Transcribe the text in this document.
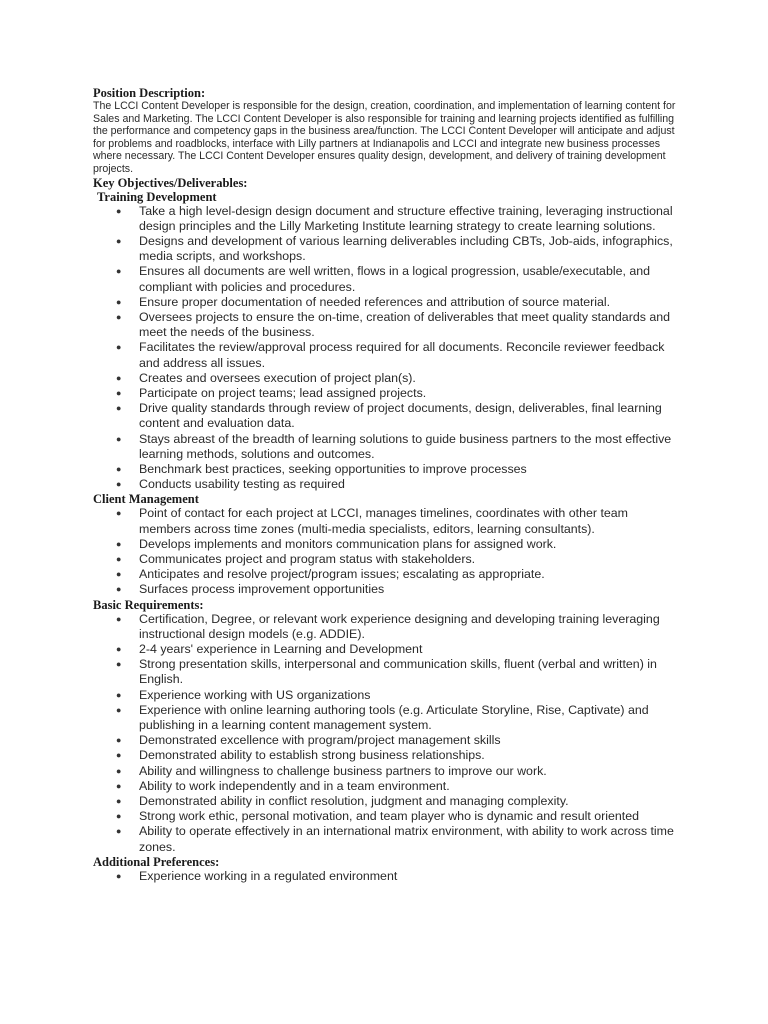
Position Description:

The LCCI Content Developer is responsible for the design, creation, coordination, and implementation of learning content for Sales and Marketing. The LCCI Content Developer is also responsible for training and learning projects identified as fulfilling the performance and competency gaps in the business area/function. The LCCI Content Developer will anticipate and adjust for problems and roadblocks, interface with Lilly partners at Indianapolis and LCCI and integrate new business processes where necessary. The LCCI Content Developer ensures quality design, development, and delivery of training development projects.

Key Objectives/Deliverables:
Training Development
● Take a high level-design design document and structure effective training, leveraging instructional design principles and the Lilly Marketing Institute learning strategy to create learning solutions.
● Designs and development of various learning deliverables including CBTs, Job-aids, infographics, media scripts, and workshops.
● Ensures all documents are well written, flows in a logical progression, usable/executable, and compliant with policies and procedures.
● Ensure proper documentation of needed references and attribution of source material.
● Oversees projects to ensure the on-time, creation of deliverables that meet quality standards and meet the needs of the business.
● Facilitates the review/approval process required for all documents. Reconcile reviewer feedback and address all issues.
● Creates and oversees execution of project plan(s).
● Participate on project teams; lead assigned projects.
● Drive quality standards through review of project documents, design, deliverables, final learning content and evaluation data.
● Stays abreast of the breadth of learning solutions to guide business partners to the most effective learning methods, solutions and outcomes.
● Benchmark best practices, seeking opportunities to improve processes
● Conducts usability testing as required
Client Management
● Point of contact for each project at LCCI, manages timelines, coordinates with other team members across time zones (multi-media specialists, editors, learning consultants).
● Develops implements and monitors communication plans for assigned work.
● Communicates project and program status with stakeholders.
● Anticipates and resolve project/program issues; escalating as appropriate.
● Surfaces process improvement opportunities
Basic Requirements:
● Certification, Degree, or relevant work experience designing and developing training leveraging instructional design models (e.g. ADDIE).
● 2-4 years' experience in Learning and Development
● Strong presentation skills, interpersonal and communication skills, fluent (verbal and written) in English.
● Experience working with US organizations
● Experience with online learning authoring tools (e.g. Articulate Storyline, Rise, Captivate) and publishing in a learning content management system.
● Demonstrated excellence with program/project management skills
● Demonstrated ability to establish strong business relationships.
● Ability and willingness to challenge business partners to improve our work.
● Ability to work independently and in a team environment.
● Demonstrated ability in conflict resolution, judgment and managing complexity.
● Strong work ethic, personal motivation, and team player who is dynamic and result oriented
● Ability to operate effectively in an international matrix environment, with ability to work across time zones.
Additional Preferences:
● Experience working in a regulated environment
